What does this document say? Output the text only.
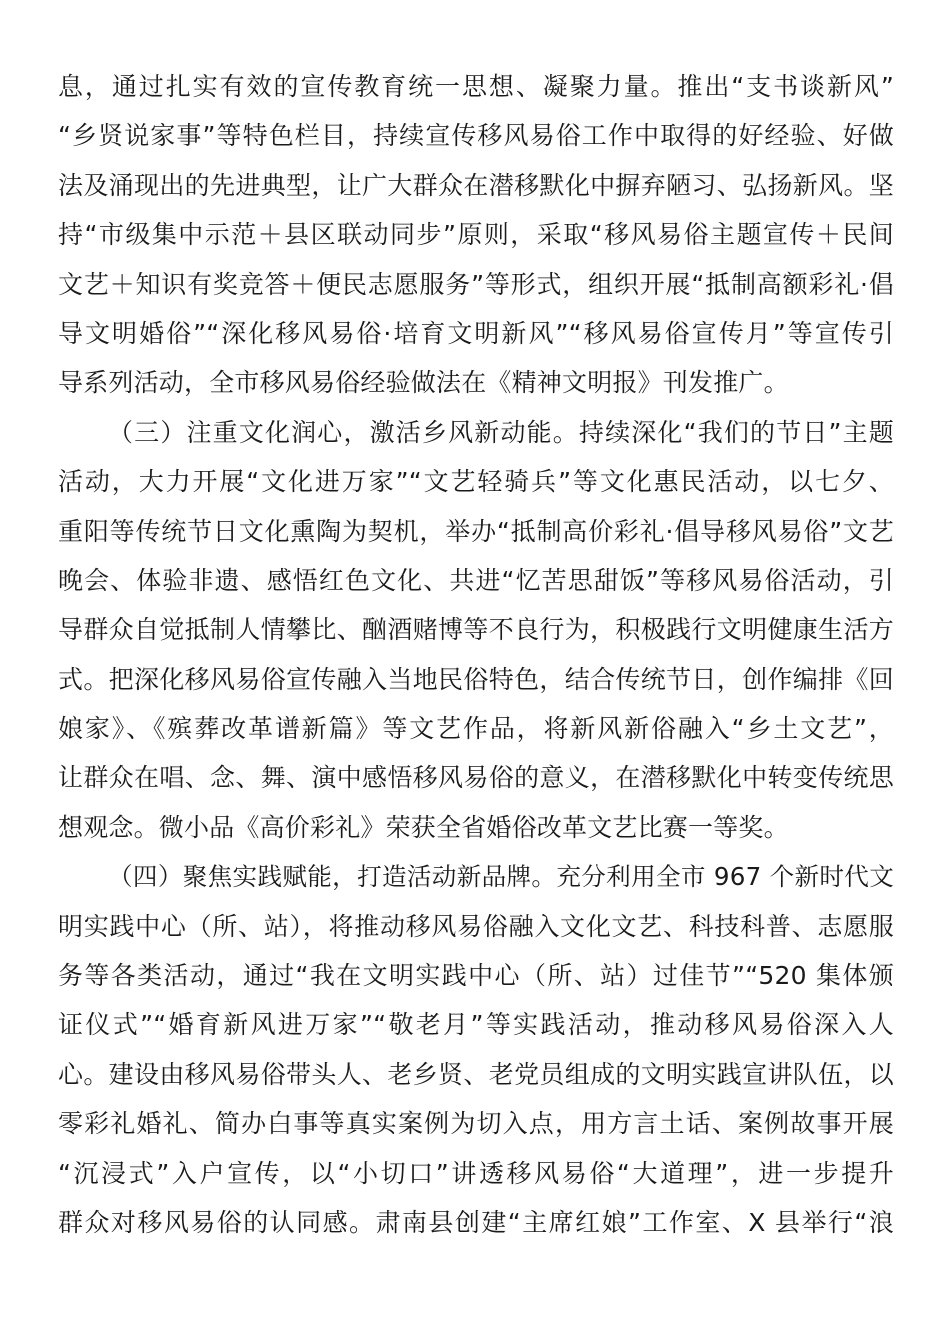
息，通过扎实有效的宣传教育统一思想、凝聚力量。推出“支书谈新风”
“乡贤说家事”等特色栏目，持续宣传移风易俗工作中取得的好经验、好做
法及涌现出的先进典型，让广大群众在潜移默化中摒弃陋习、弘扬新风。坚
持“市级集中示范＋县区联动同步”原则，采取“移风易俗主题宣传＋民间
文艺＋知识有奖竞答＋便民志愿服务”等形式，组织开展“抵制高额彩礼·倡
导文明婚俗”“深化移风易俗·培育文明新风”“移风易俗宣传月”等宣传引
导系列活动，全市移风易俗经验做法在《精神文明报》刊发推广。
（三）注重文化润心，激活乡风新动能。持续深化“我们的节日”主题
活动，大力开展“文化进万家”“文艺轻骑兵”等文化惠民活动，以七夕、
重阳等传统节日文化熏陶为契机，举办“抵制高价彩礼·倡导移风易俗”文艺
晚会、体验非遗、感悟红色文化、共进“忆苦思甜饭”等移风易俗活动，引
导群众自觉抵制人情攀比、酗酒赌博等不良行为，积极践行文明健康生活方
式。把深化移风易俗宣传融入当地民俗特色，结合传统节日，创作编排《回
娘家》、《殡葬改革谱新篇》等文艺作品，将新风新俗融入“乡土文艺”，
让群众在唱、念、舞、演中感悟移风易俗的意义，在潜移默化中转变传统思
想观念。微小品《高价彩礼》荣获全省婚俗改革文艺比赛一等奖。
（四）聚焦实践赋能，打造活动新品牌。充分利用全市 967 个新时代文
明实践中心（所、站），将推动移风易俗融入文化文艺、科技科普、志愿服
务等各类活动，通过“我在文明实践中心（所、站）过佳节”“520 集体颁
证仪式”“婚育新风进万家”“敬老月”等实践活动，推动移风易俗深入人
心。建设由移风易俗带头人、老乡贤、老党员组成的文明实践宣讲队伍，以
零彩礼婚礼、简办白事等真实案例为切入点，用方言土话、案例故事开展
“沉浸式”入户宣传，以“小切口”讲透移风易俗“大道理”，进一步提升
群众对移风易俗的认同感。肃南县创建“主席红娘”工作室、X 县举行“浪
